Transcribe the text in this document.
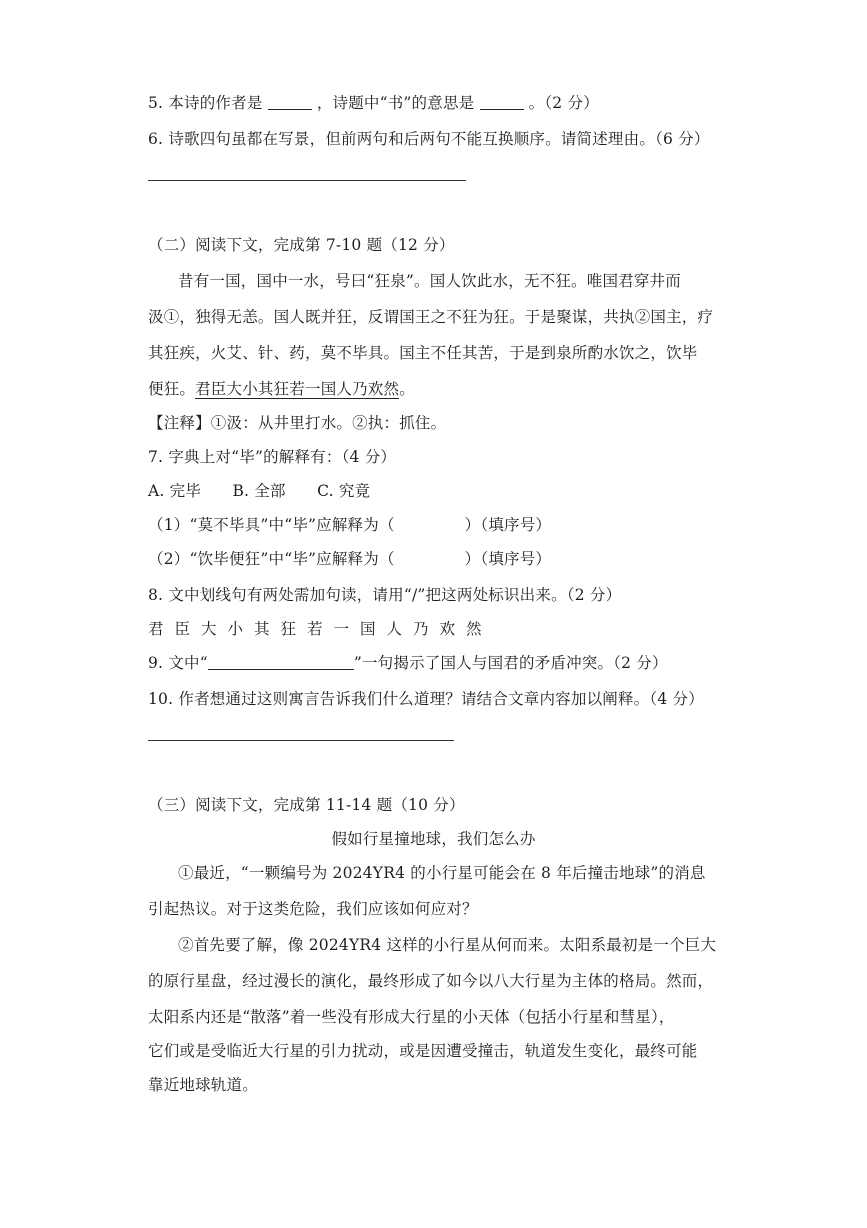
5. 本诗的作者是	，诗题中“书”的意思是	。（2 分）
6. 诗歌四句虽都在写景，但前两句和后两句不能互换顺序。请简述理由。（6 分）
（二）阅读下文，完成第 7-10 题（12 分）
昔有一国，国中一水，号曰“狂泉”。国人饮此水，无不狂。唯国君穿井而
汲①，独得无恙。国人既并狂，反谓国王之不狂为狂。于是聚谋，共执②国主，疗
其狂疾，火艾、针、药，莫不毕具。国主不任其苦，于是到泉所酌水饮之，饮毕
便狂。君臣大小其狂若一国人乃欢然。
【注释】①汲：从井里打水。②执：抓住。
7. 字典上对“毕”的解释有：（4 分）
A. 完毕　　B. 全部　　C. 究竟
（1）“莫不毕具”中“毕”应解释为（	）（填序号）
（2）“饮毕便狂”中“毕”应解释为（	）（填序号）
8. 文中划线句有两处需加句读，请用“/”把这两处标识出来。（2 分）
君臣大小其狂若一国人乃欢然
9. 文中“	”一句揭示了国人与国君的矛盾冲突。（2 分）
10. 作者想通过这则寓言告诉我们什么道理？请结合文章内容加以阐释。（4 分）
（三）阅读下文，完成第 11-14 题（10 分）
假如行星撞地球，我们怎么办
①最近，“一颗编号为 2024YR4 的小行星可能会在 8 年后撞击地球”的消息
引起热议。对于这类危险，我们应该如何应对？
②首先要了解，像 2024YR4 这样的小行星从何而来。太阳系最初是一个巨大
的原行星盘，经过漫长的演化，最终形成了如今以八大行星为主体的格局。然而，
太阳系内还是“散落”着一些没有形成大行星的小天体（包括小行星和彗星），
它们或是受临近大行星的引力扰动，或是因遭受撞击，轨道发生变化，最终可能
靠近地球轨道。
